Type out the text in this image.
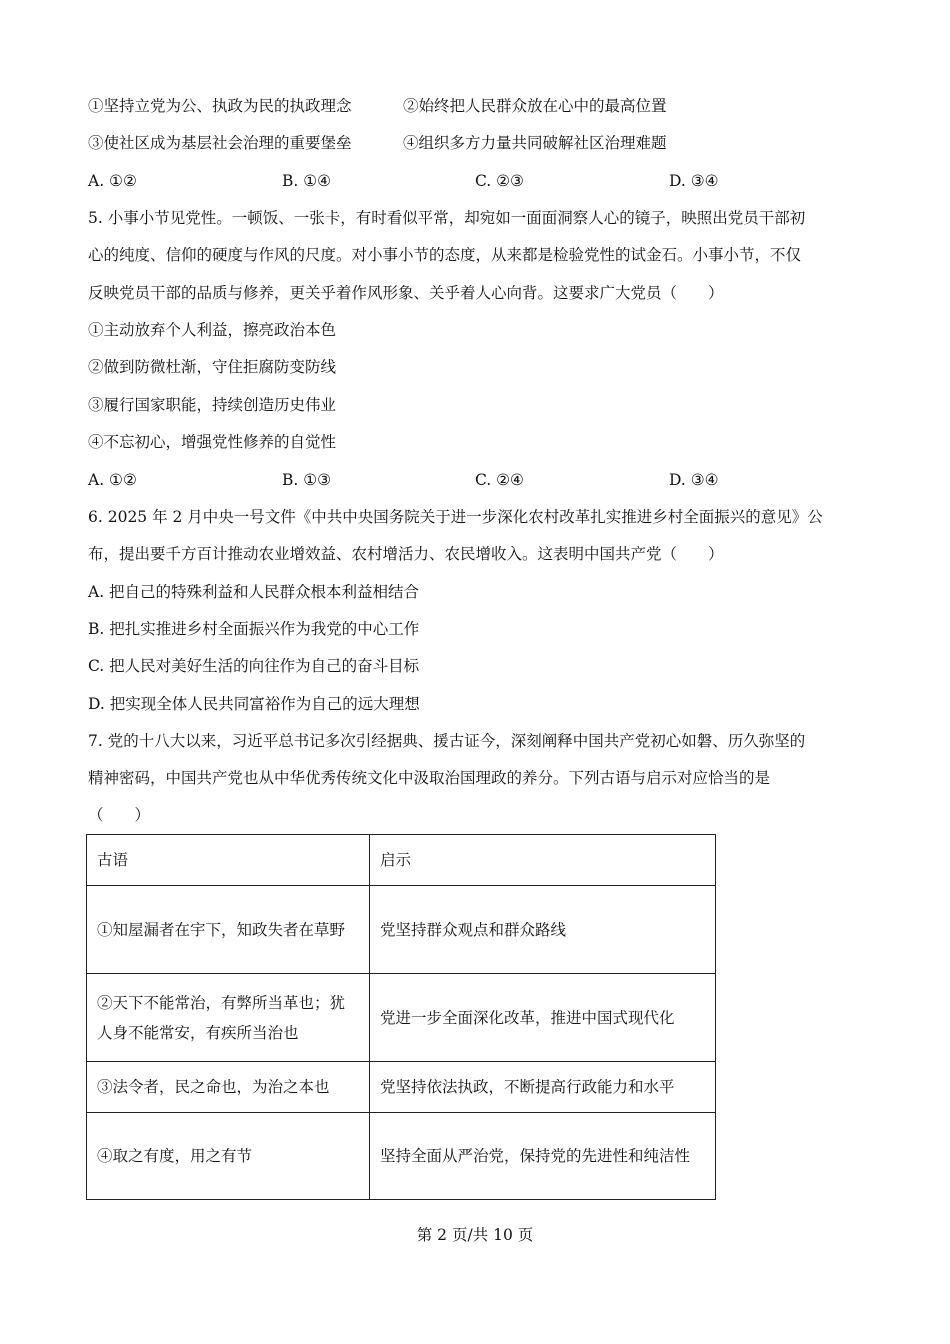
①坚持立党为公、执政为民的执政理念	②始终把人民群众放在心中的最高位置
③使社区成为基层社会治理的重要堡垒	④组织多方力量共同破解社区治理难题
A. ①②	B. ①④	C. ②③	D. ③④
5. 小事小节见党性。一顿饭、一张卡，有时看似平常，却宛如一面面洞察人心的镜子，映照出党员干部初
心的纯度、信仰的硬度与作风的尺度。对小事小节的态度，从来都是检验党性的试金石。小事小节，不仅
反映党员干部的品质与修养，更关乎着作风形象、关乎着人心向背。这要求广大党员（　　）
①主动放弃个人利益，擦亮政治本色
②做到防微杜渐，守住拒腐防变防线
③履行国家职能，持续创造历史伟业
④不忘初心，增强党性修养的自觉性
A. ①②	B. ①③	C. ②④	D. ③④
6. 2025 年 2 月中央一号文件《中共中央国务院关于进一步深化农村改革扎实推进乡村全面振兴的意见》公
布，提出要千方百计推动农业增效益、农村增活力、农民增收入。这表明中国共产党（　　）
A. 把自己的特殊利益和人民群众根本利益相结合
B. 把扎实推进乡村全面振兴作为我党的中心工作
C. 把人民对美好生活的向往作为自己的奋斗目标
D. 把实现全体人民共同富裕作为自己的远大理想
7. 党的十八大以来，习近平总书记多次引经据典、援古证今，深刻阐释中国共产党初心如磐、历久弥坚的
精神密码，中国共产党也从中华优秀传统文化中汲取治国理政的养分。下列古语与启示对应恰当的是
（　　）
古语	启示
①知屋漏者在宇下，知政失者在草野	党坚持群众观点和群众路线
②天下不能常治，有弊所当革也；犹人身不能常安，有疾所当治也	党进一步全面深化改革，推进中国式现代化
③法令者，民之命也，为治之本也	党坚持依法执政，不断提高行政能力和水平
④取之有度，用之有节	坚持全面从严治党，保持党的先进性和纯洁性
第 2 页/共 10 页
